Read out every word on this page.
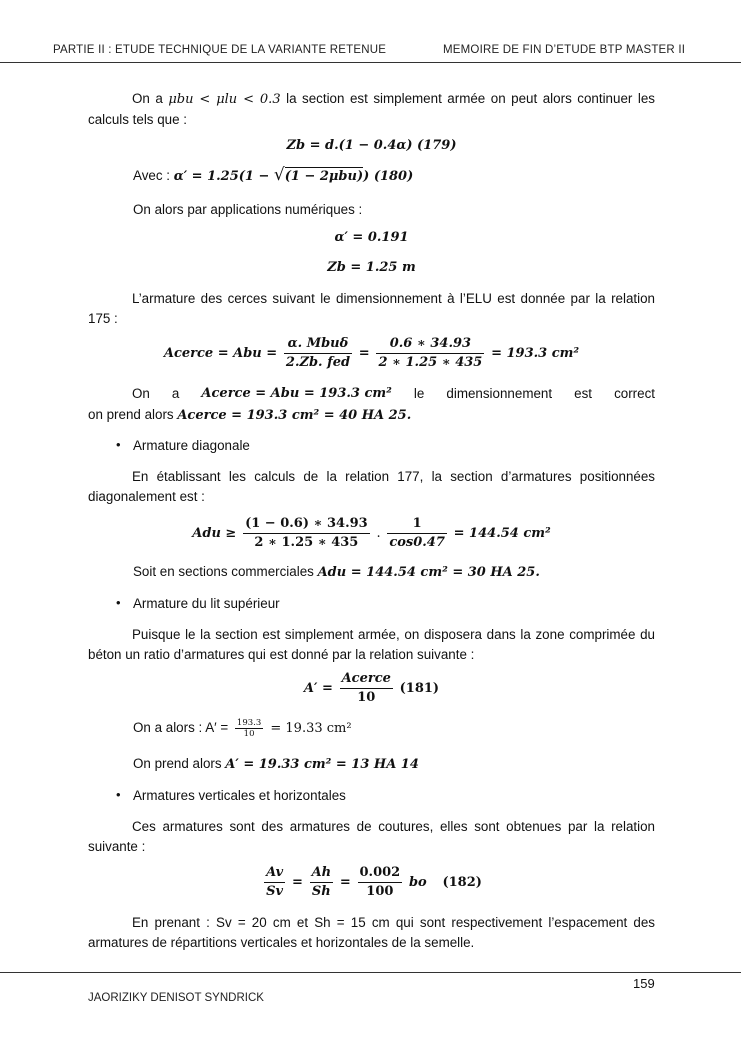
PARTIE II : ETUDE TECHNIQUE DE LA VARIANTE RETENUE	MEMOIRE DE FIN D’ETUDE BTP MASTER II
On a μbu < μlu < 0.3 la section est simplement armée on peut alors continuer les calculs tels que :
Zb = d.(1 − 0.4α) (179)
Avec : α′ = 1.25(1 − √(1 − 2μbu)) (180)
On alors par applications numériques :
α′ = 0.191
Zb = 1.25 m
L’armature des cerces suivant le dimensionnement à l’ELU est donnée par la relation 175 :
Acerce = Abu = $\frac{\text{α. Mbuδ}}{\text{2.Zb. fed}} = \frac{0.6 ∗ 34.93}{2 ∗ 1.25 ∗ 435} = 193.3$ cm²
On a Acerce = Abu = 193.3 cm² le dimensionnement est correct
on prend alors Acerce = 193.3 cm² = 40 HA 25.
• Armature diagonale
En établissant les calculs de la relation 177, la section d’armatures positionnées diagonalement est :
Adu ≥ $\frac{(1 - 0.6) ∗ 34.93}{2 ∗ 1.25 ∗ 435}$ . $\frac{1}{\cos 0.47} = 144.54$ cm²
Soit en sections commerciales Adu = 144.54 cm² = 30 HA 25.
• Armature du lit supérieur
Puisque le la section est simplement armée, on disposera dans la zone comprimée du béton un ratio d’armatures qui est donné par la relation suivante :
$A' = \frac{\text{Acerce}}{10} (181)$
On a alors : $A' = \frac{193.3}{10} = 19.33$ cm²
On prend alors A′ = 19.33 cm² = 13 HA 14
• Armatures verticales et horizontales
Ces armatures sont des armatures de coutures, elles sont obtenues par la relation suivante :
$\frac{Av}{Sv} = \frac{Ah}{Sh} = \frac{0.002}{100}$ bo (182)
En prenant : Sv = 20 cm et Sh = 15 cm qui sont respectivement l’espacement des armatures de répartitions verticales et horizontales de la semelle.
159
JAORIZIKY DENISOT SYNDRICK
